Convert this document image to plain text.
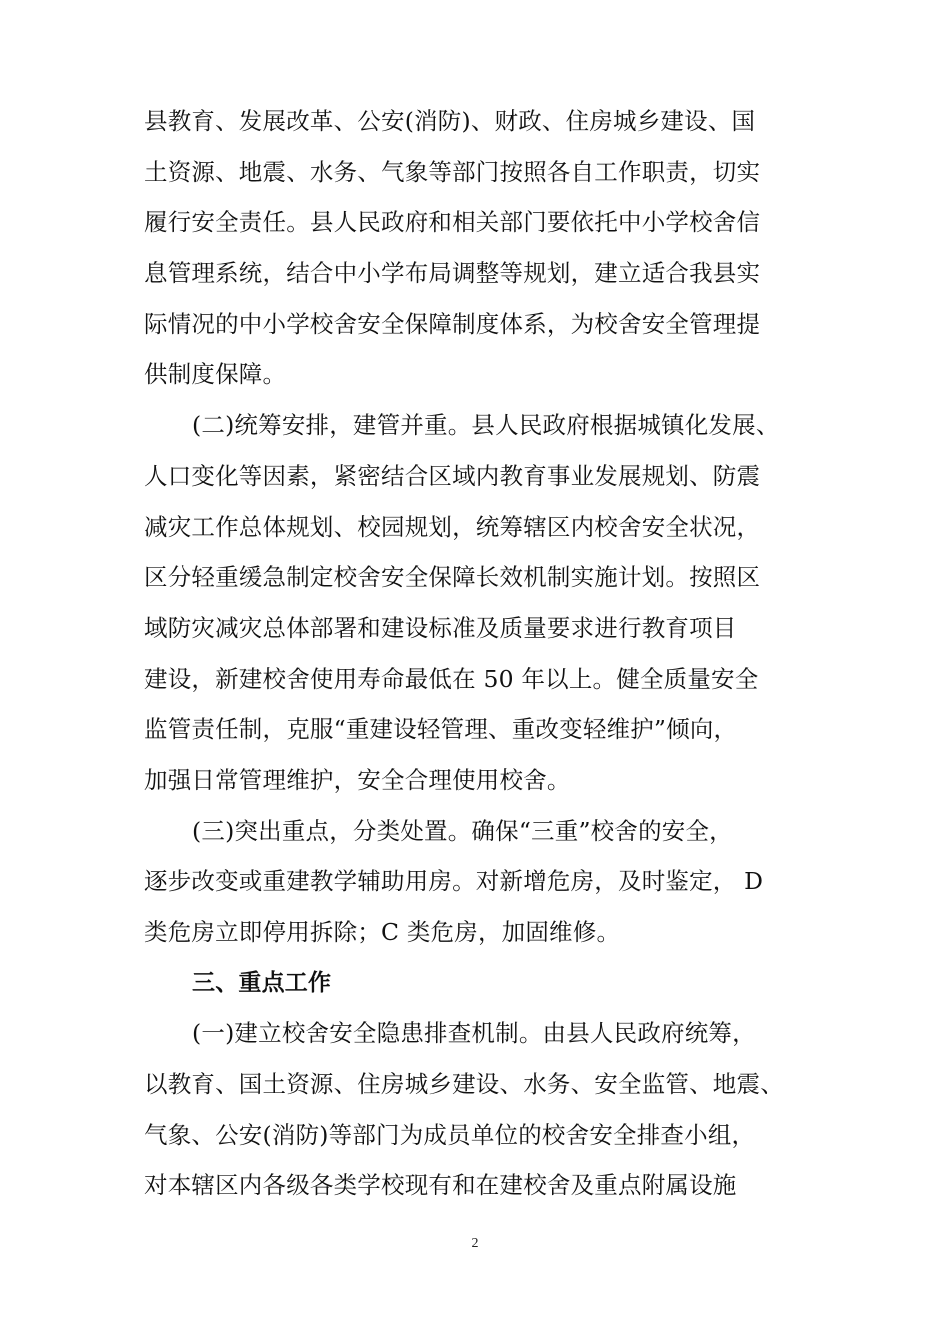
县教育、发展改革、公安(消防)、财政、住房城乡建设、国
土资源、地震、水务、气象等部门按照各自工作职责，切实
履行安全责任。县人民政府和相关部门要依托中小学校舍信
息管理系统，结合中小学布局调整等规划，建立适合我县实
际情况的中小学校舍安全保障制度体系，为校舍安全管理提
供制度保障。
(二)统筹安排，建管并重。县人民政府根据城镇化发展、
人口变化等因素，紧密结合区域内教育事业发展规划、防震
减灾工作总体规划、校园规划，统筹辖区内校舍安全状况，
区分轻重缓急制定校舍安全保障长效机制实施计划。按照区
域防灾减灾总体部署和建设标准及质量要求进行教育项目
建设，新建校舍使用寿命最低在 50 年以上。健全质量安全
监管责任制，克服“重建设轻管理、重改变轻维护”倾向，
加强日常管理维护，安全合理使用校舍。
(三)突出重点，分类处置。确保“三重”校舍的安全，
逐步改变或重建教学辅助用房。对新增危房，及时鉴定， D
类危房立即停用拆除；C 类危房，加固维修。
三、重点工作
(一)建立校舍安全隐患排查机制。由县人民政府统筹，
以教育、国土资源、住房城乡建设、水务、安全监管、地震、
气象、公安(消防)等部门为成员单位的校舍安全排查小组，
对本辖区内各级各类学校现有和在建校舍及重点附属设施
2
